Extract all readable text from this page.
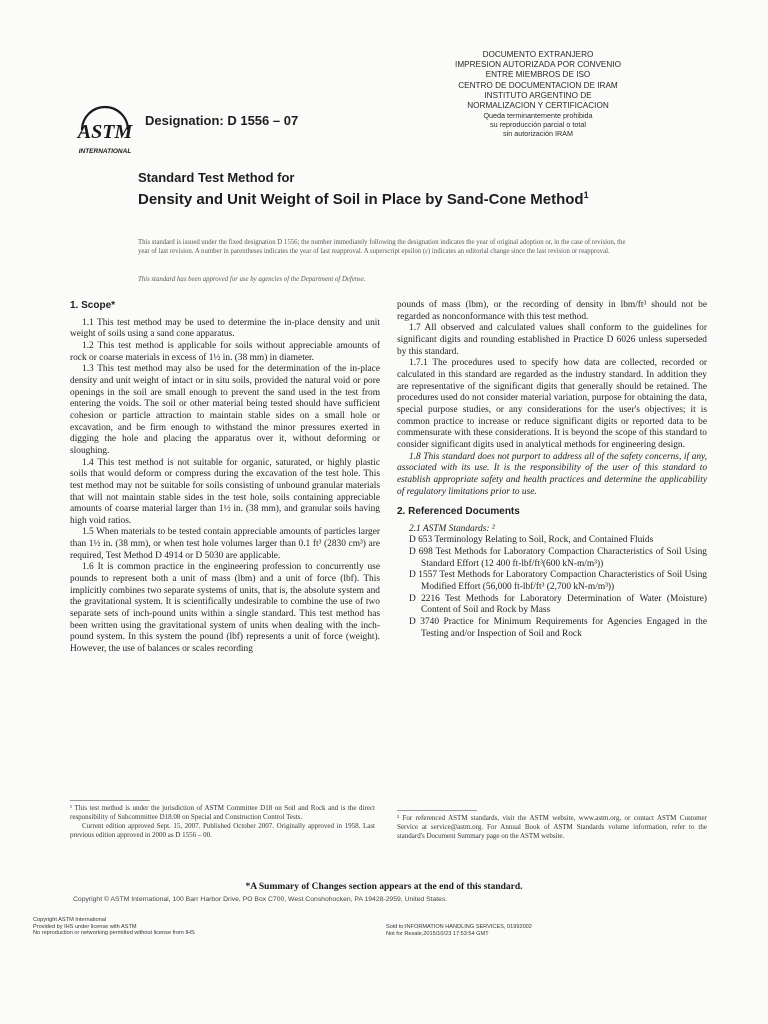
DOCUMENTO EXTRANJERO
IMPRESION AUTORIZADA POR CONVENIO
ENTRE MIEMBROS DE ISO
CENTRO DE DOCUMENTACION DE IRAM
INSTITUTO ARGENTINO DE
NORMALIZACION Y CERTIFICACION
Queda terminantemente prohibida
su reproducción parcial o total
sin autorización IRAM
ASTM
INTERNATIONAL
Designation: D 1556 – 07
Standard Test Method for
Density and Unit Weight of Soil in Place by Sand-Cone Method$^1$
This standard is issued under the fixed designation D 1556; the number immediately following the designation indicates the year of original adoption or, in the case of revision, the year of last revision. A number in parentheses indicates the year of last reapproval. A superscript epsilon (ε) indicates an editorial change since the last revision or reapproval.
This standard has been approved for use by agencies of the Department of Defense.

1. Scope*

1.1 This test method may be used to determine the in-place density and unit weight of soils using a sand cone apparatus.

1.2 This test method is applicable for soils without appreciable amounts of rock or coarse materials in excess of 1½ in. (38 mm) in diameter.

1.3 This test method may also be used for the determination of the in-place density and unit weight of intact or in situ soils, provided the natural void or pore openings in the soil are small enough to prevent the sand used in the test from entering the voids. The soil or other material being tested should have sufficient cohesion or particle attraction to maintain stable sides on a small hole or excavation, and be firm enough to withstand the minor pressures exerted in digging the hole and placing the apparatus over it, without deforming or sloughing.

1.4 This test method is not suitable for organic, saturated, or highly plastic soils that would deform or compress during the excavation of the test hole. This test method may not be suitable for soils consisting of unbound granular materials that will not maintain stable sides in the test hole, soils containing appreciable amounts of coarse material larger than 1½ in. (38 mm), and granular soils having high void ratios.

1.5 When materials to be tested contain appreciable amounts of particles larger than 1½ in. (38 mm), or when test hole volumes larger than 0.1 ft³ (2830 cm³) are required, Test Method D 4914 or D 5030 are applicable.

1.6 It is common practice in the engineering profession to concurrently use pounds to represent both a unit of mass (lbm) and a unit of force (lbf). This implicitly combines two separate systems of units, that is, the absolute system and the gravitational system. It is scientifically undesirable to combine the use of two separate sets of inch-pound units within a single standard. This test method has been written using the gravitational system of units when dealing with the inch-pound system. In this system the pound (lbf) represents a unit of force (weight). However, the use of balances or scales recording

pounds of mass (lbm), or the recording of density in lbm/ft³ should not be regarded as nonconformance with this test method.

1.7 All observed and calculated values shall conform to the guidelines for significant digits and rounding established in Practice D 6026 unless superseded by this standard.

1.7.1 The procedures used to specify how data are collected, recorded or calculated in this standard are regarded as the industry standard. In addition they are representative of the significant digits that generally should be retained. The procedures used do not consider material variation, purpose for obtaining the data, special purpose studies, or any considerations for the user's objectives; it is common practice to increase or reduce significant digits or reported data to be commensurate with these considerations. It is beyond the scope of this standard to consider significant digits used in analytical methods for engineering design.

1.8 This standard does not purport to address all of the safety concerns, if any, associated with its use. It is the responsibility of the user of this standard to establish appropriate safety and health practices and determine the applicability of regulatory limitations prior to use.

2. Referenced Documents

2.1 ASTM Standards: ²

D 653 Terminology Relating to Soil, Rock, and Contained Fluids

D 698 Test Methods for Laboratory Compaction Characteristics of Soil Using Standard Effort (12 400 ft-lbf/ft³(600 kN-m/m³))

D 1557 Test Methods for Laboratory Compaction Characteristics of Soil Using Modified Effort (56,000 ft-lbf/ft³ (2,700 kN-m/m³))

D 2216 Test Methods for Laboratory Determination of Water (Moisture) Content of Soil and Rock by Mass

D 3740 Practice for Minimum Requirements for Agencies Engaged in the Testing and/or Inspection of Soil and Rock

¹ This test method is under the jurisdiction of ASTM Committee D18 on Soil and Rock and is the direct responsibility of Subcommittee D18.08 on Special and Construction Control Tests.
Current edition approved Sept. 15, 2007. Published October 2007. Originally approved in 1958. Last previous edition approved in 2000 as D 1556 – 00.
² For referenced ASTM standards, visit the ASTM website, www.astm.org, or contact ASTM Customer Service at service@astm.org. For Annual Book of ASTM Standards volume information, refer to the standard's Document Summary page on the ASTM website.
*A Summary of Changes section appears at the end of this standard.
Copyright © ASTM International, 100 Barr Harbor Drive, PO Box C700, West Conshohocken, PA 19428-2959, United States.
Copyright ASTM International
Provided by IHS under license with ASTM
No reproduction or networking permitted without license from IHS
Sold to:INFORMATION HANDLING SERVICES, 01992002
Not for Resale,2015/10/23 17:53:54 GMT
